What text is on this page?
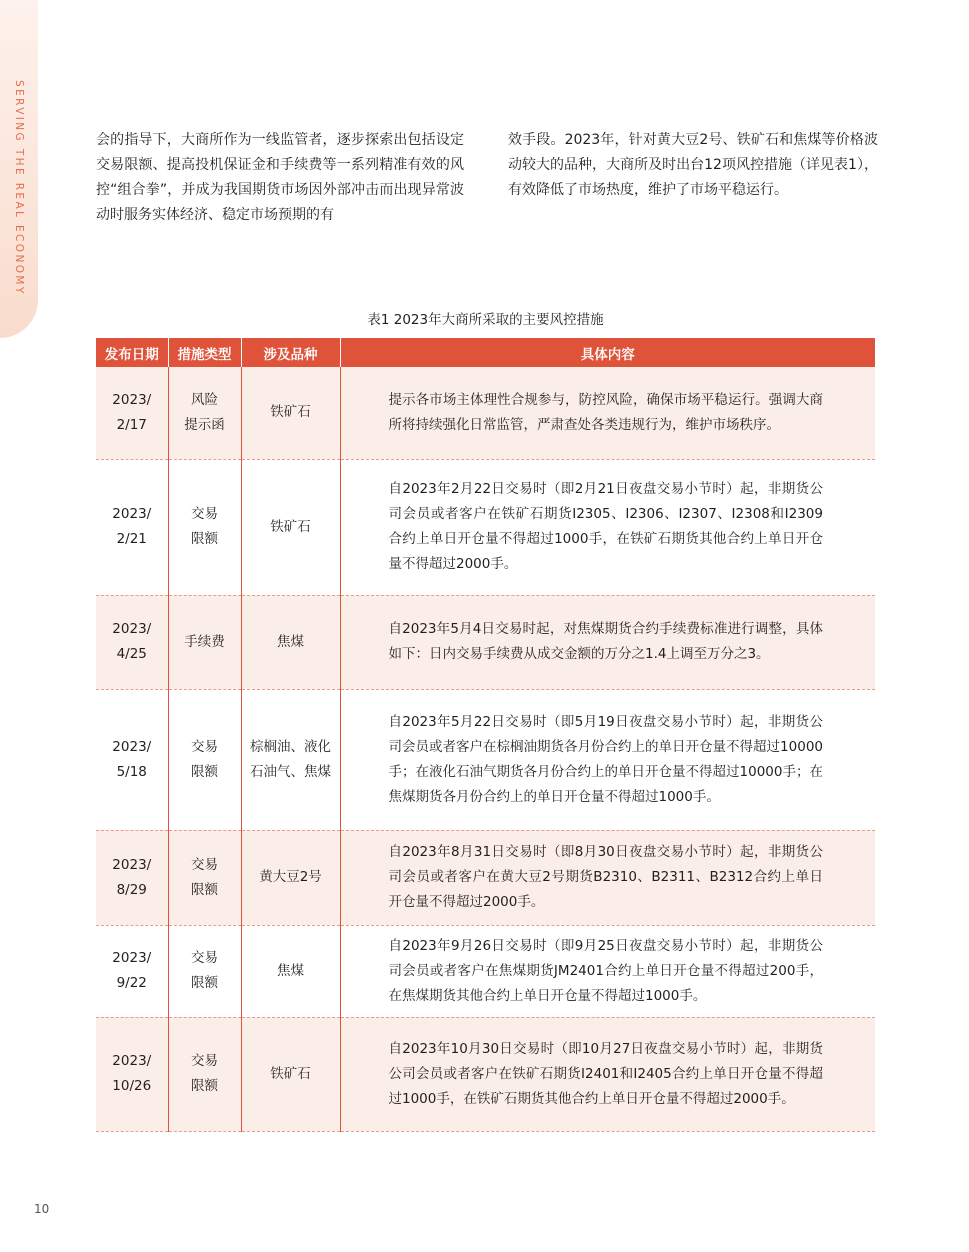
SERVING THE REAL ECONOMY	会的指导下，大商所作为一线监管者，逐步探索出包括设定交易限额、提高投机保证金和手续费等一系列精准有效的风控“组合拳”，并成为我国期货市场因外部冲击而出现异常波动时服务实体经济、稳定市场预期的有

效手段。2023年，针对黄大豆2号、铁矿石和焦煤等价格波动较大的品种，大商所及时出台12项风控措施（详见表1），有效降低了市场热度，维护了市场平稳运行。

表1 2023年大商所采取的主要风控措施

发布日期	措施类型	涉及品种	具体内容
2023/
2/17	风险
提示函	铁矿石	提示各市场主体理性合规参与，防控风险，确保市场平稳运行。强调大商所将持续强化日常监管，严肃查处各类违规行为，维护市场秩序。
2023/
2/21	交易
限额	铁矿石	自2023年2月22日交易时（即2月21日夜盘交易小节时）起，非期货公司会员或者客户在铁矿石期货I2305、I2306、I2307、I2308和I2309合约上单日开仓量不得超过1000手，在铁矿石期货其他合约上单日开仓量不得超过2000手。
2023/
4/25	手续费	焦煤	自2023年5月4日交易时起，对焦煤期货合约手续费标准进行调整，具体如下：日内交易手续费从成交金额的万分之1.4上调至万分之3。
2023/
5/18	交易
限额	棕榈油、液化石油气、焦煤	自2023年5月22日交易时（即5月19日夜盘交易小节时）起，非期货公司会员或者客户在棕榈油期货各月份合约上的单日开仓量不得超过10000手；在液化石油气期货各月份合约上的单日开仓量不得超过10000手；在焦煤期货各月份合约上的单日开仓量不得超过1000手。
2023/
8/29	交易
限额	黄大豆2号	自2023年8月31日交易时（即8月30日夜盘交易小节时）起，非期货公司会员或者客户在黄大豆2号期货B2310、B2311、B2312合约上单日开仓量不得超过2000手。
2023/
9/22	交易
限额	焦煤	自2023年9月26日交易时（即9月25日夜盘交易小节时）起，非期货公司会员或者客户在焦煤期货JM2401合约上单日开仓量不得超过200手，在焦煤期货其他合约上单日开仓量不得超过1000手。
2023/
10/26	交易
限额	铁矿石	自2023年10月30日交易时（即10月27日夜盘交易小节时）起，非期货公司会员或者客户在铁矿石期货I2401和I2405合约上单日开仓量不得超过1000手，在铁矿石期货其他合约上单日开仓量不得超过2000手。
10
